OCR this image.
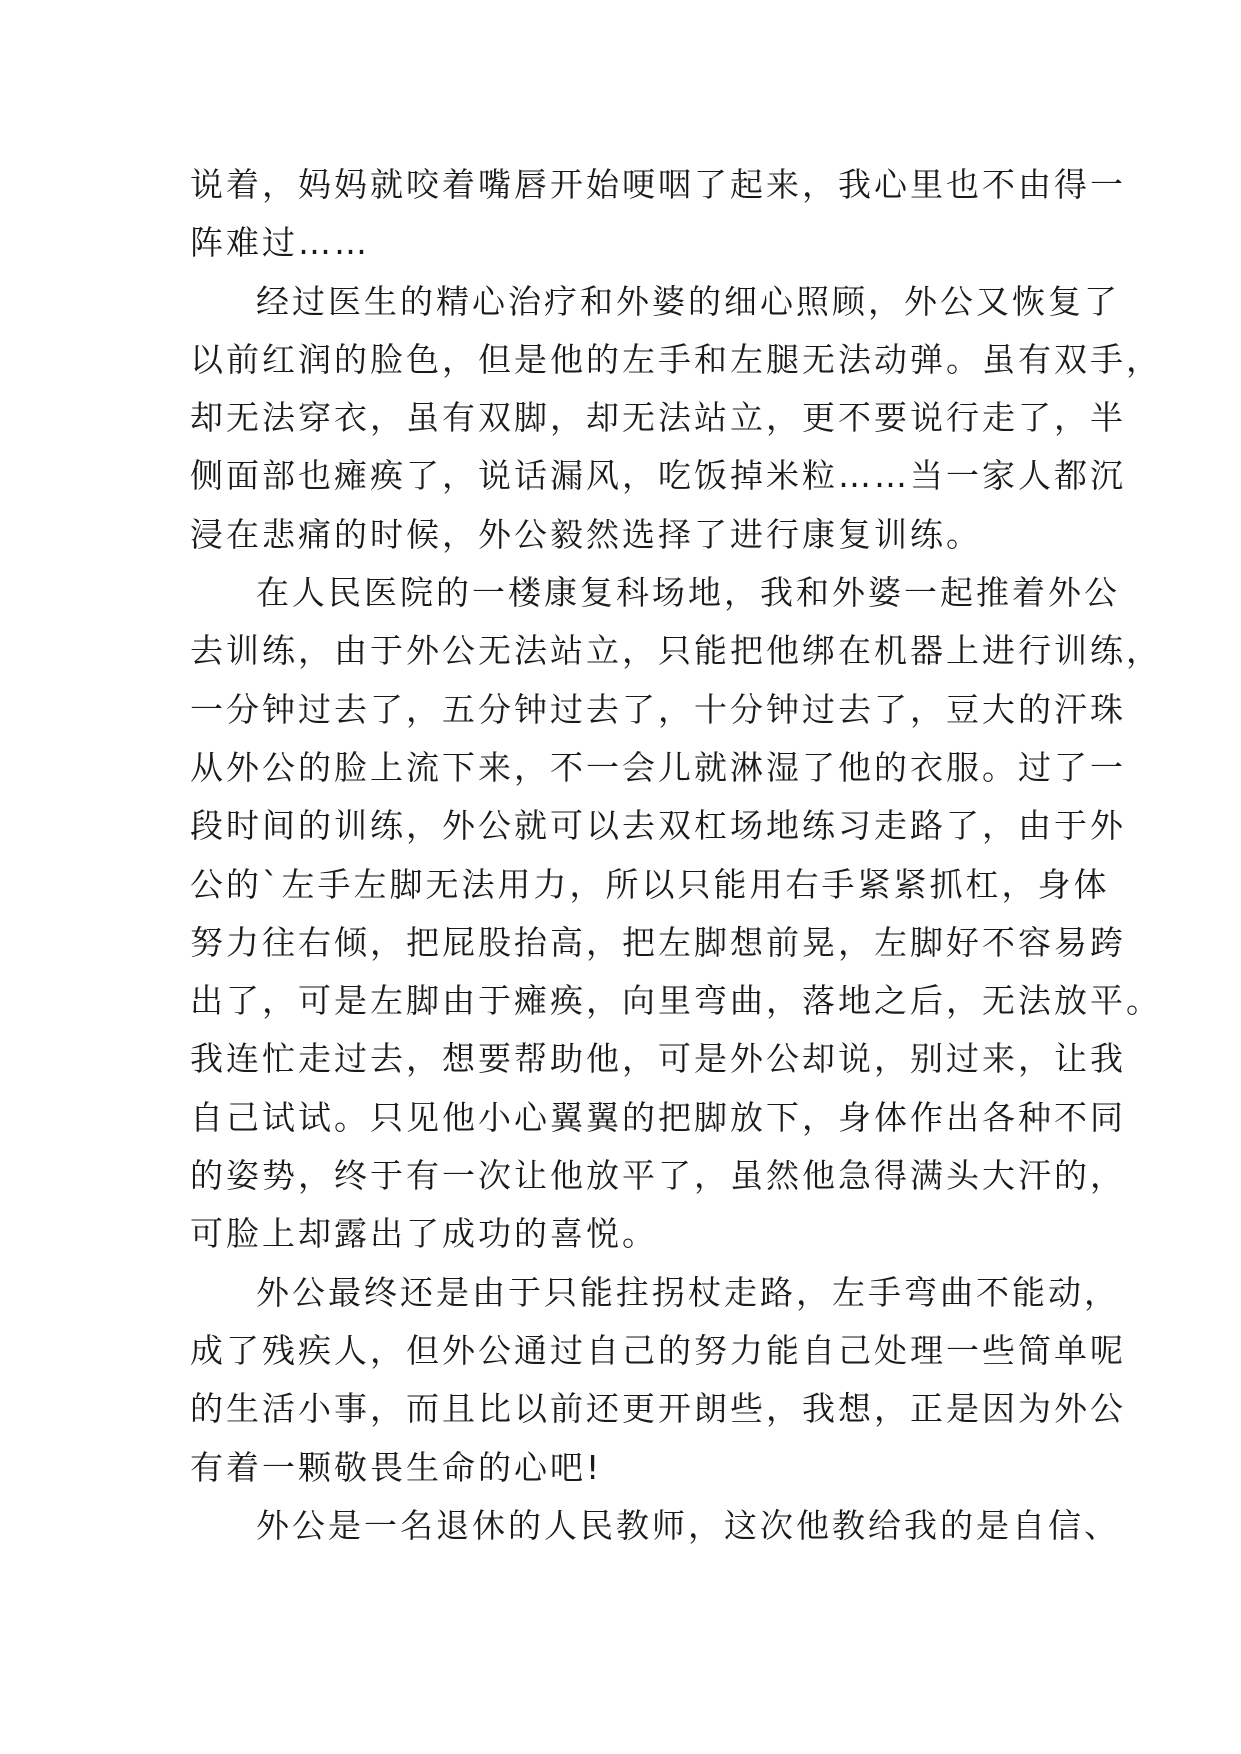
说着，妈妈就咬着嘴唇开始哽咽了起来，我心里也不由得一
阵难过……
经过医生的精心治疗和外婆的细心照顾，外公又恢复了
以前红润的脸色，但是他的左手和左腿无法动弹。虽有双手，
却无法穿衣，虽有双脚，却无法站立，更不要说行走了，半
侧面部也瘫痪了，说话漏风，吃饭掉米粒……当一家人都沉
浸在悲痛的时候，外公毅然选择了进行康复训练。
在人民医院的一楼康复科场地，我和外婆一起推着外公
去训练，由于外公无法站立，只能把他绑在机器上进行训练，
一分钟过去了，五分钟过去了，十分钟过去了，豆大的汗珠
从外公的脸上流下来，不一会儿就淋湿了他的衣服。过了一
段时间的训练，外公就可以去双杠场地练习走路了，由于外
公的`左手左脚无法用力，所以只能用右手紧紧抓杠，身体
努力往右倾，把屁股抬高，把左脚想前晃，左脚好不容易跨
出了，可是左脚由于瘫痪，向里弯曲，落地之后，无法放平。
我连忙走过去，想要帮助他，可是外公却说，别过来，让我
自己试试。只见他小心翼翼的把脚放下，身体作出各种不同
的姿势，终于有一次让他放平了，虽然他急得满头大汗的，
可脸上却露出了成功的喜悦。
外公最终还是由于只能拄拐杖走路，左手弯曲不能动，
成了残疾人，但外公通过自己的努力能自己处理一些简单呢
的生活小事，而且比以前还更开朗些，我想，正是因为外公
有着一颗敬畏生命的心吧!
外公是一名退休的人民教师，这次他教给我的是自信、
